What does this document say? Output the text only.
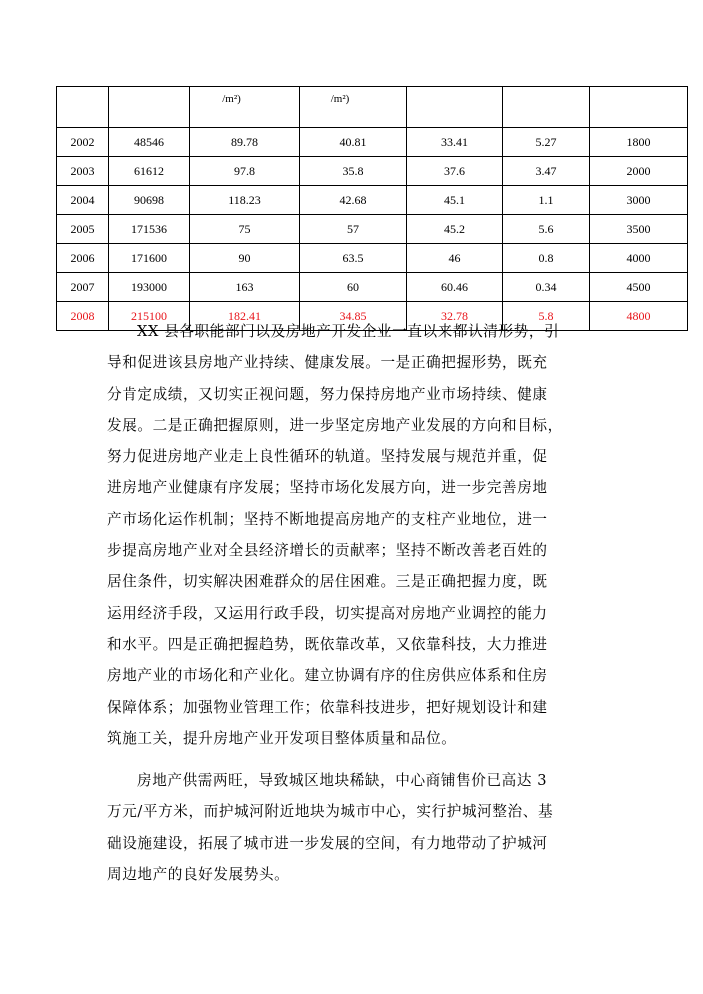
		/m²)	/m²)			
2002	48546	89.78	40.81	33.41	5.27	1800
2003	61612	97.8	35.8	37.6	3.47	2000
2004	90698	118.23	42.68	45.1	1.1	3000
2005	171536	75	57	45.2	5.6	3500
2006	171600	90	63.5	46	0.8	4000
2007	193000	163	60	60.46	0.34	4500
2008	215100	182.41	34.85	32.78	5.8	4800
XX 县各职能部门以及房地产开发企业一直以来都认清形势，引
导和促进该县房地产业持续、健康发展。一是正确把握形势，既充
分肯定成绩，又切实正视问题，努力保持房地产业市场持续、健康
发展。二是正确把握原则，进一步坚定房地产业发展的方向和目标，
努力促进房地产业走上良性循环的轨道。坚持发展与规范并重，促
进房地产业健康有序发展；坚持市场化发展方向，进一步完善房地
产市场化运作机制；坚持不断地提高房地产的支柱产业地位，进一
步提高房地产业对全县经济增长的贡献率；坚持不断改善老百姓的
居住条件，切实解决困难群众的居住困难。三是正确把握力度，既
运用经济手段，又运用行政手段，切实提高对房地产业调控的能力
和水平。四是正确把握趋势，既依靠改革，又依靠科技，大力推进
房地产业的市场化和产业化。建立协调有序的住房供应体系和住房
保障体系；加强物业管理工作；依靠科技进步，把好规划设计和建
筑施工关，提升房地产业开发项目整体质量和品位。
房地产供需两旺，导致城区地块稀缺，中心商铺售价已高达 3
万元/平方米，而护城河附近地块为城市中心，实行护城河整治、基
础设施建设，拓展了城市进一步发展的空间，有力地带动了护城河
周边地产的良好发展势头。
